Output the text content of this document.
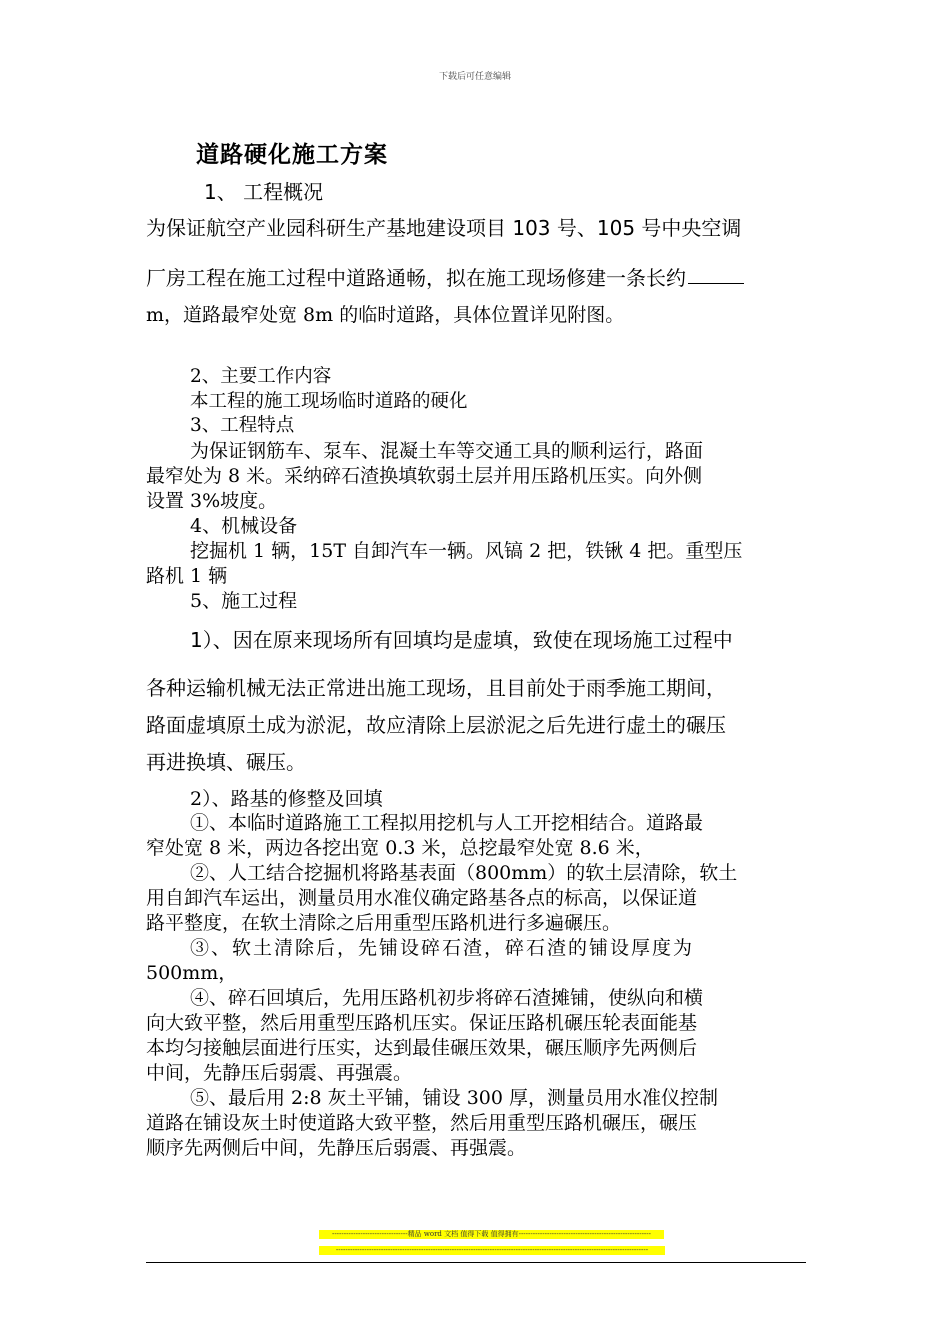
下载后可任意编辑
道路硬化施工方案
1、 工程概况
为保证航空产业园科研生产基地建设项目 103 号、105 号中央空调
厂房工程在施工过程中道路通畅，拟在施工现场修建一条长约
m，道路最窄处宽 8m 的临时道路，具体位置详见附图。
2、主要工作内容
本工程的施工现场临时道路的硬化
3、工程特点
为保证钢筋车、泵车、混凝土车等交通工具的顺利运行，路面
最窄处为 8 米。采纳碎石渣换填软弱土层并用压路机压实。向外侧
设置 3%坡度。
4、机械设备
挖掘机 1 辆，15T 自卸汽车一辆。风镐 2 把，铁锹 4 把。重型压
路机 1 辆
5、施工过程
1）、因在原来现场所有回填均是虚填，致使在现场施工过程中
各种运输机械无法正常进出施工现场，且目前处于雨季施工期间，
路面虚填原土成为淤泥，故应清除上层淤泥之后先进行虚土的碾压
再进换填、碾压。
2）、路基的修整及回填
①、本临时道路施工工程拟用挖机与人工开挖相结合。道路最
窄处宽 8 米，两边各挖出宽 0.3 米，总挖最窄处宽 8.6 米，
②、人工结合挖掘机将路基表面（800mm）的软土层清除，软土
用自卸汽车运出，测量员用水准仪确定路基各点的标高，以保证道
路平整度，在软土清除之后用重型压路机进行多遍碾压。
③、软土清除后，先铺设碎石渣，碎石渣的铺设厚度为
500mm，
④、碎石回填后，先用压路机初步将碎石渣摊铺，使纵向和横
向大致平整，然后用重型压路机压实。保证压路机碾压轮表面能基
本均匀接触层面进行压实，达到最佳碾压效果，碾压顺序先两侧后
中间，先静压后弱震、再强震。
⑤、最后用 2:8 灰土平铺，铺设 300 厚，测量员用水准仪控制
道路在铺设灰土时使道路大致平整，然后用重型压路机碾压，碾压
顺序先两侧后中间，先静压后弱震、再强震。
--------------------------------精品 word 文档 值得下载 值得拥有--------------------------------------------------------
------------------------------------------------------------------------------------------------------------------------------------
